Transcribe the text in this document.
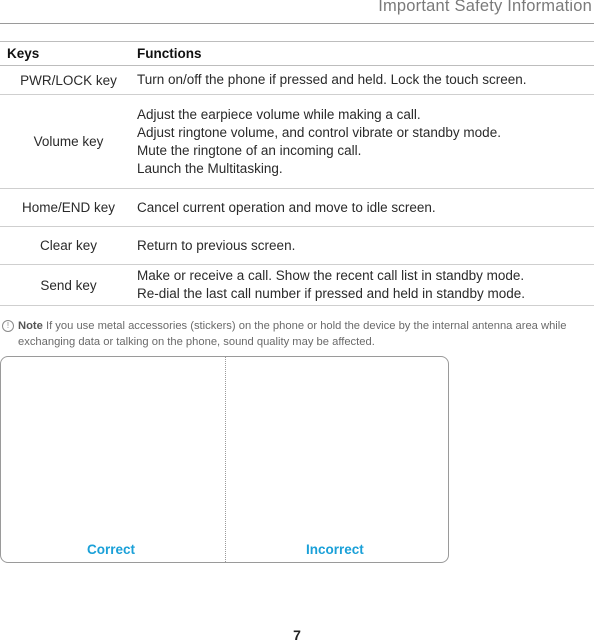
Important Safety Information
Keys	Functions
PWR/LOCK key	Turn on/off the phone if pressed and held. Lock the touch screen.

Volume key	Adjust the earpiece volume while making a call.
Adjust ringtone volume, and control vibrate or standby mode.
Mute the ringtone of an incoming call.
Launch the Multitasking.

Home/END key	Cancel current operation and move to idle screen.

Clear key	Return to previous screen.

Send key	Make or receive a call. Show the recent call list in standby mode.
Re-dial the last call number if pressed and held in standby mode.
! Note If you use metal accessories (stickers) on the phone or hold the device by the internal antenna area while exchanging data or talking on the phone, sound quality may be affected.
Correct	Incorrect
7
